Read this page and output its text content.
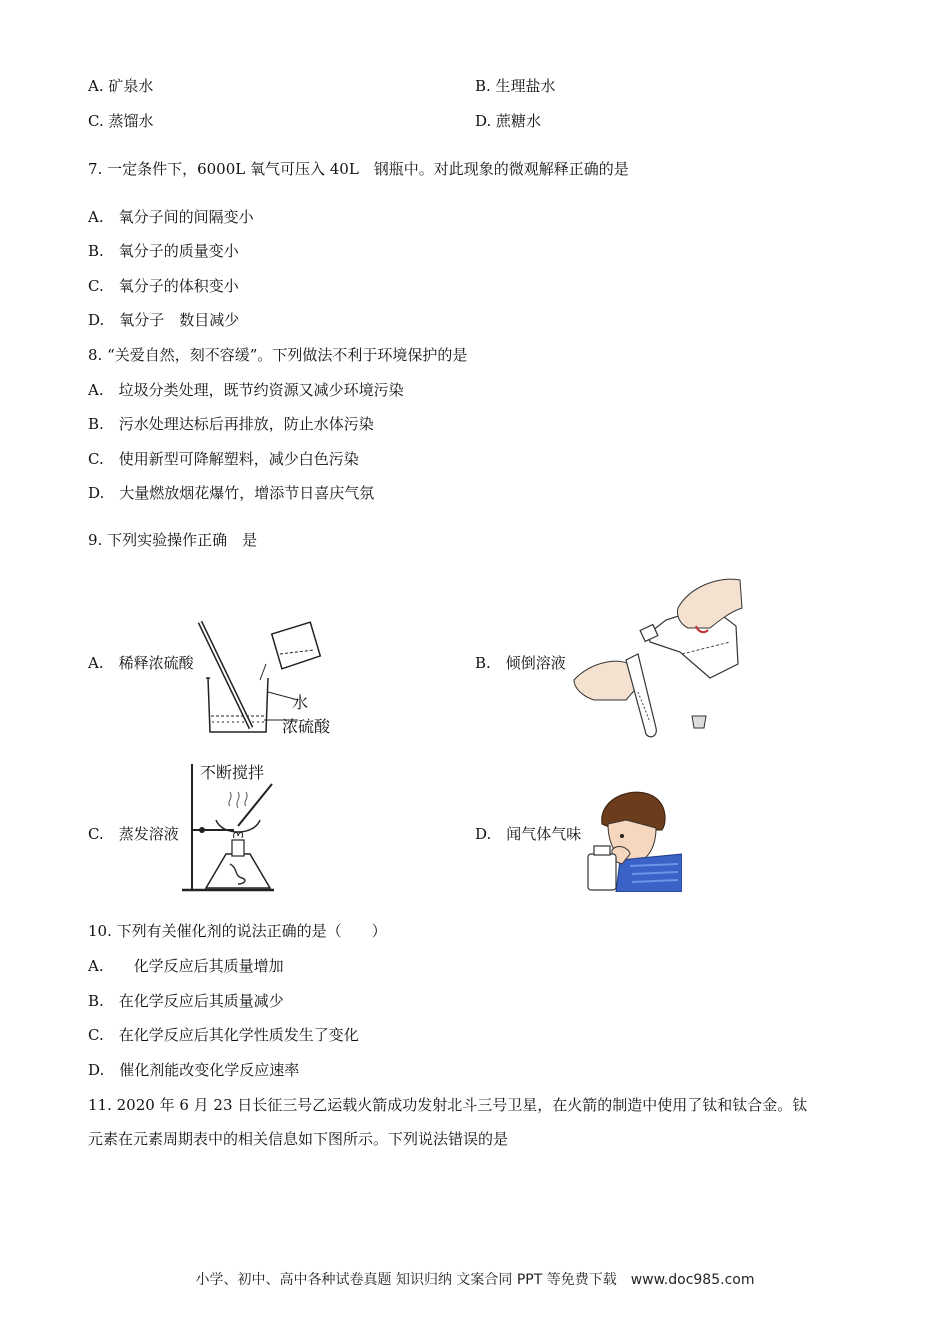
A. 矿泉水	B. 生理盐水
C. 蒸馏水	D. 蔗糖水
7. 一定条件下，6000L 氧气可压入 40L　钢瓶中。对此现象的微观解释正确的是
A.　氧分子间的间隔变小
B.　氧分子的质量变小
C.　氧分子的体积变小
D.　氧分子　数目减少
8. “关爱自然，刻不容缓”。下列做法不利于环境保护的是
A.　垃圾分类处理，既节约资源又减少环境污染
B.　污水处理达标后再排放，防止水体污染
C.　使用新型可降解塑料，减少白色污染
D.　大量燃放烟花爆竹，增添节日喜庆气氛
9. 下列实验操作正确　是
A.　稀释浓硫酸	B.　倾倒溶液
C.　蒸发溶液	D.　闻气体气味
水
浓硫酸
不断搅拌
10. 下列有关催化剂的说法正确的是（　　）
A.　　化学反应后其质量增加
B.　在化学反应后其质量减少
C.　在化学反应后其化学性质发生了变化
D.　催化剂能改变化学反应速率
11. 2020 年 6 月 23 日长征三号乙运载火箭成功发射北斗三号卫星，在火箭的制造中使用了钛和钛合金。钛
元素在元素周期表中的相关信息如下图所示。下列说法错误的是
小学、初中、高中各种试卷真题 知识归纳 文案合同 PPT 等免费下载　www.doc985.com
